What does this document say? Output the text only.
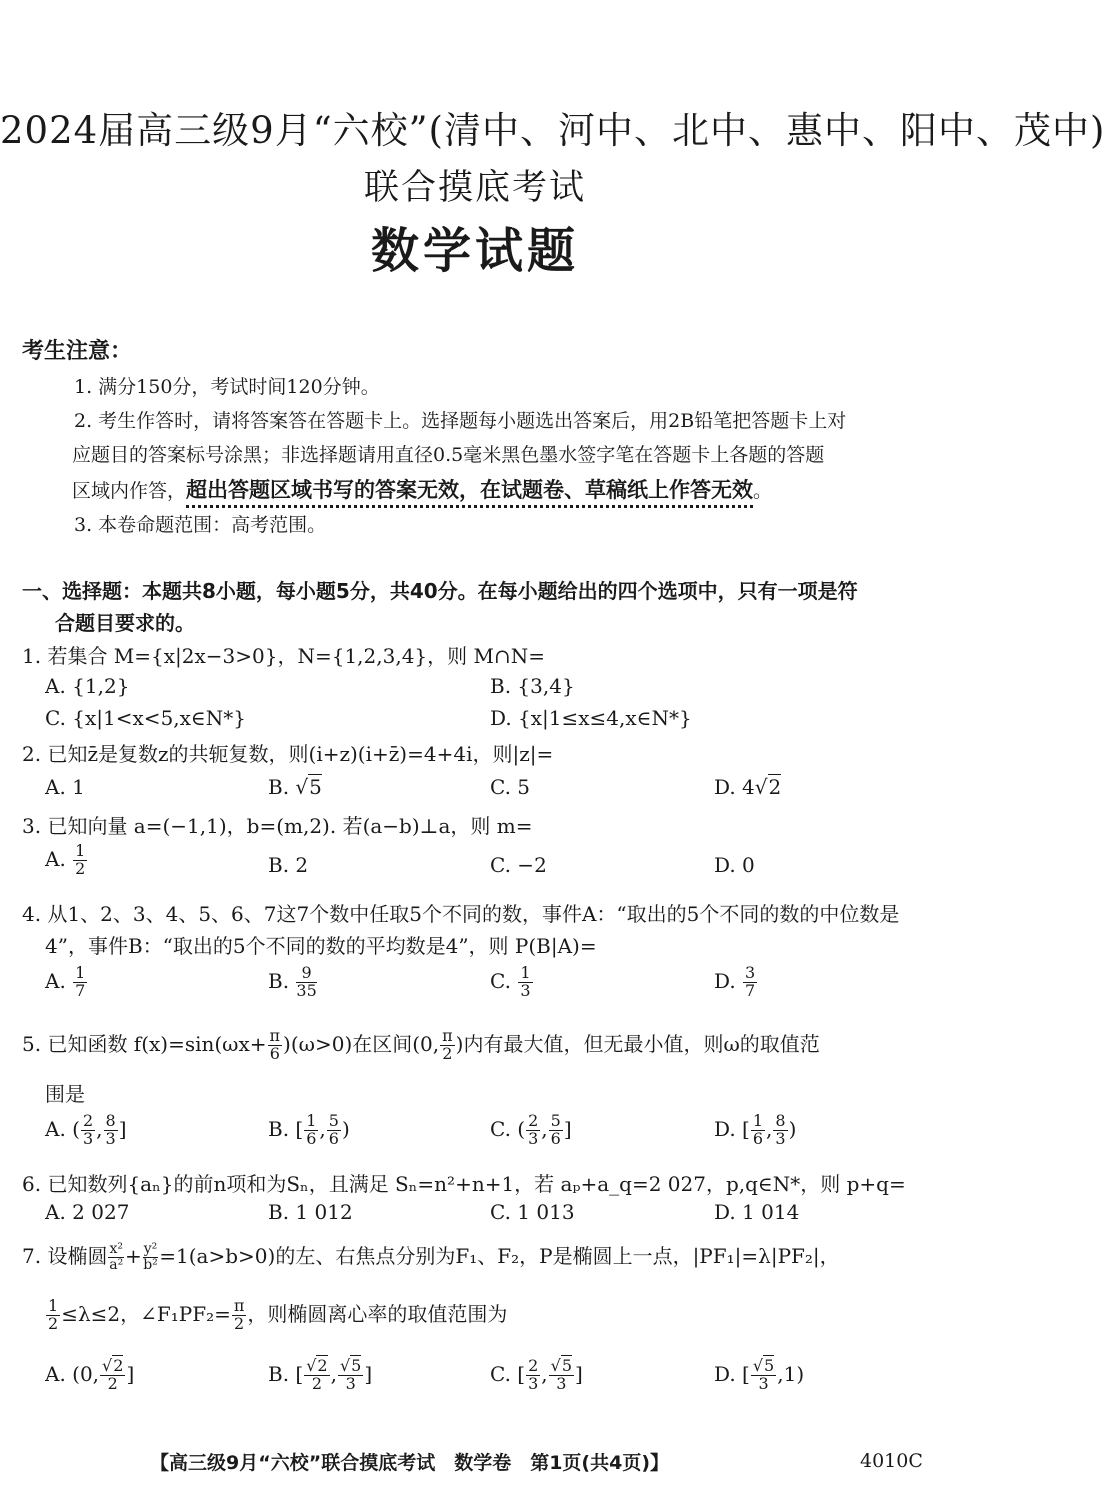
2024届高三级9月“六校”(清中、河中、北中、惠中、阳中、茂中)
联合摸底考试
数学试题
考生注意：
1. 满分150分，考试时间120分钟。
2. 考生作答时，请将答案答在答题卡上。选择题每小题选出答案后，用2B铅笔把答题卡上对
应题目的答案标号涂黑；非选择题请用直径0.5毫米黑色墨水签字笔在答题卡上各题的答题
区域内作答，超出答题区域书写的答案无效，在试题卷、草稿纸上作答无效。
3. 本卷命题范围：高考范围。
一、选择题：本题共8小题，每小题5分，共40分。在每小题给出的四个选项中，只有一项是符
合题目要求的。
1. 若集合 M={x|2x−3>0}，N={1,2,3,4}，则 M∩N=
A. {1,2}	B. {3,4}
C. {x|1<x<5,x∈N*}	D. {x|1≤x≤4,x∈N*}
2. 已知z̄是复数z的共轭复数，则(i+z)(i+z̄)=4+4i，则|z|=
A. 1	B. √5	C. 5	D. 4√2
3. 已知向量 a=(−1,1)，b=(m,2). 若(a−b)⊥a，则 m=
A. $\frac{1}{2}$	B. 2	C. −2	D. 0
4. 从1、2、3、4、5、6、7这7个数中任取5个不同的数，事件A：“取出的5个不同的数的中位数是
4”，事件B：“取出的5个不同的数的平均数是4”，则 P(B|A)=
A. $\frac{1}{7}$	B. $\frac{9}{35}$	C. $\frac{1}{3}$	D. $\frac{3}{7}$
5. 已知函数 $f(x)=\sin(\omega x+ \frac{\pi}{6} )(\omega>0)$在区间(0, $\frac{\pi}{2}$ )内有最大值，但无最小值，则ω的取值范
围是
A. ( $\frac{2}{3}$ , $\frac{8}{3}$ ]	B. [ $\frac{1}{6}$ , $\frac{5}{6}$ )	C. ( $\frac{2}{3}$ , $\frac{5}{6}$ ]	D. [ $\frac{1}{6}$ , $\frac{8}{3}$ )
6. 已知数列{aₙ}的前n项和为Sₙ，且满足 Sₙ=n²+n+1，若 aₚ+a_q=2 027，p,q∈N*，则 p+q=
A. 2 027	B. 1 012	C. 1 013	D. 1 014
7. 设椭圆 $\frac{\text{x²}}{\text{a²}} + \frac{\text{y²}}{\text{b²}} =1(a>b>0)$的左、右焦点分别为F₁、F₂，P是椭圆上一点，|PF₁|=λ|PF₂|，
$\frac{1}{2} \le\lambda\le 2$，∠F₁PF₂= $\frac{\pi}{2}$ ，则椭圆离心率的取值范围为
A. (0, $\frac{√2}{2}$ ]	B. [ $\frac{√2}{2}$ , $\frac{√5}{3}$ ]	C. [ $\frac{2}{3}$ , $\frac{√5}{3}$ ]	D. [ $\frac{√5}{3} ,1$)
【高三级9月“六校”联合摸底考试　数学卷　第1页(共4页)】	4010C
